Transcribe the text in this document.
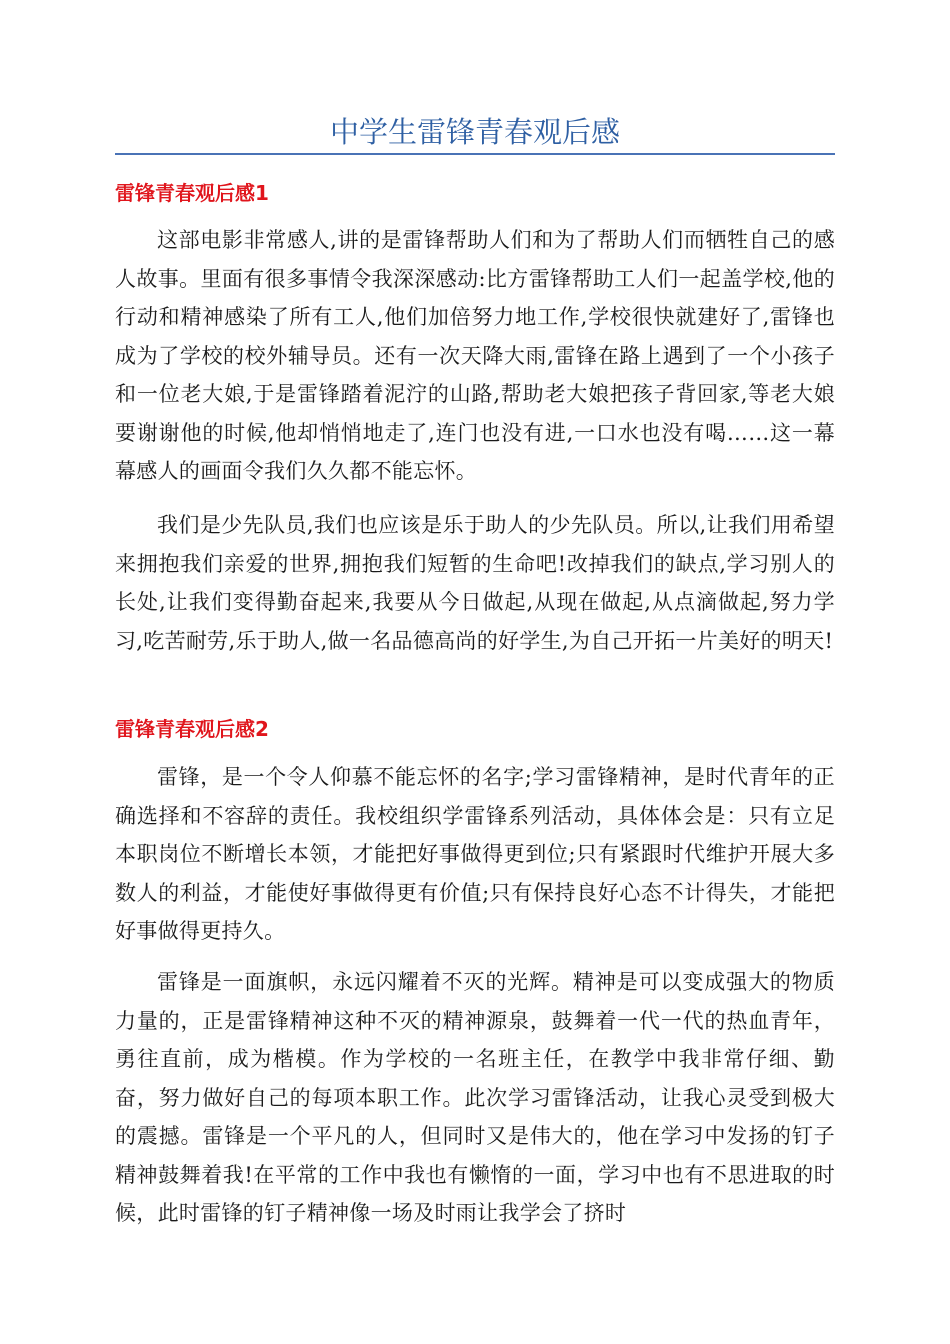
中学生雷锋青春观后感
雷锋青春观后感1

这部电影非常感人,讲的是雷锋帮助人们和为了帮助人们而牺牲自己的感人故事。里面有很多事情令我深深感动:比方雷锋帮助工人们一起盖学校,他的行动和精神感染了所有工人,他们加倍努力地工作,学校很快就建好了,雷锋也成为了学校的校外辅导员。还有一次天降大雨,雷锋在路上遇到了一个小孩子和一位老大娘,于是雷锋踏着泥泞的山路,帮助老大娘把孩子背回家,等老大娘要谢谢他的时候,他却悄悄地走了,连门也没有进,一口水也没有喝……这一幕幕感人的画面令我们久久都不能忘怀。

我们是少先队员,我们也应该是乐于助人的少先队员。所以,让我们用希望来拥抱我们亲爱的世界,拥抱我们短暂的生命吧!改掉我们的缺点,学习别人的长处,让我们变得勤奋起来,我要从今日做起,从现在做起,从点滴做起,努力学习,吃苦耐劳,乐于助人,做一名品德高尚的好学生,为自己开拓一片美好的明天!

雷锋青春观后感2

雷锋，是一个令人仰慕不能忘怀的名字;学习雷锋精神，是时代青年的正确选择和不容辞的责任。我校组织学雷锋系列活动，具体体会是：只有立足本职岗位不断增长本领，才能把好事做得更到位;只有紧跟时代维护开展大多数人的利益，才能使好事做得更有价值;只有保持良好心态不计得失，才能把好事做得更持久。

雷锋是一面旗帜，永远闪耀着不灭的光辉。精神是可以变成强大的物质力量的，正是雷锋精神这种不灭的精神源泉，鼓舞着一代一代的热血青年，勇往直前，成为楷模。作为学校的一名班主任，在教学中我非常仔细、勤奋，努力做好自己的每项本职工作。此次学习雷锋活动，让我心灵受到极大的震撼。雷锋是一个平凡的人，但同时又是伟大的，他在学习中发扬的钉子精神鼓舞着我!在平常的工作中我也有懒惰的一面，学习中也有不思进取的时候，此时雷锋的钉子精神像一场及时雨让我学会了挤时
